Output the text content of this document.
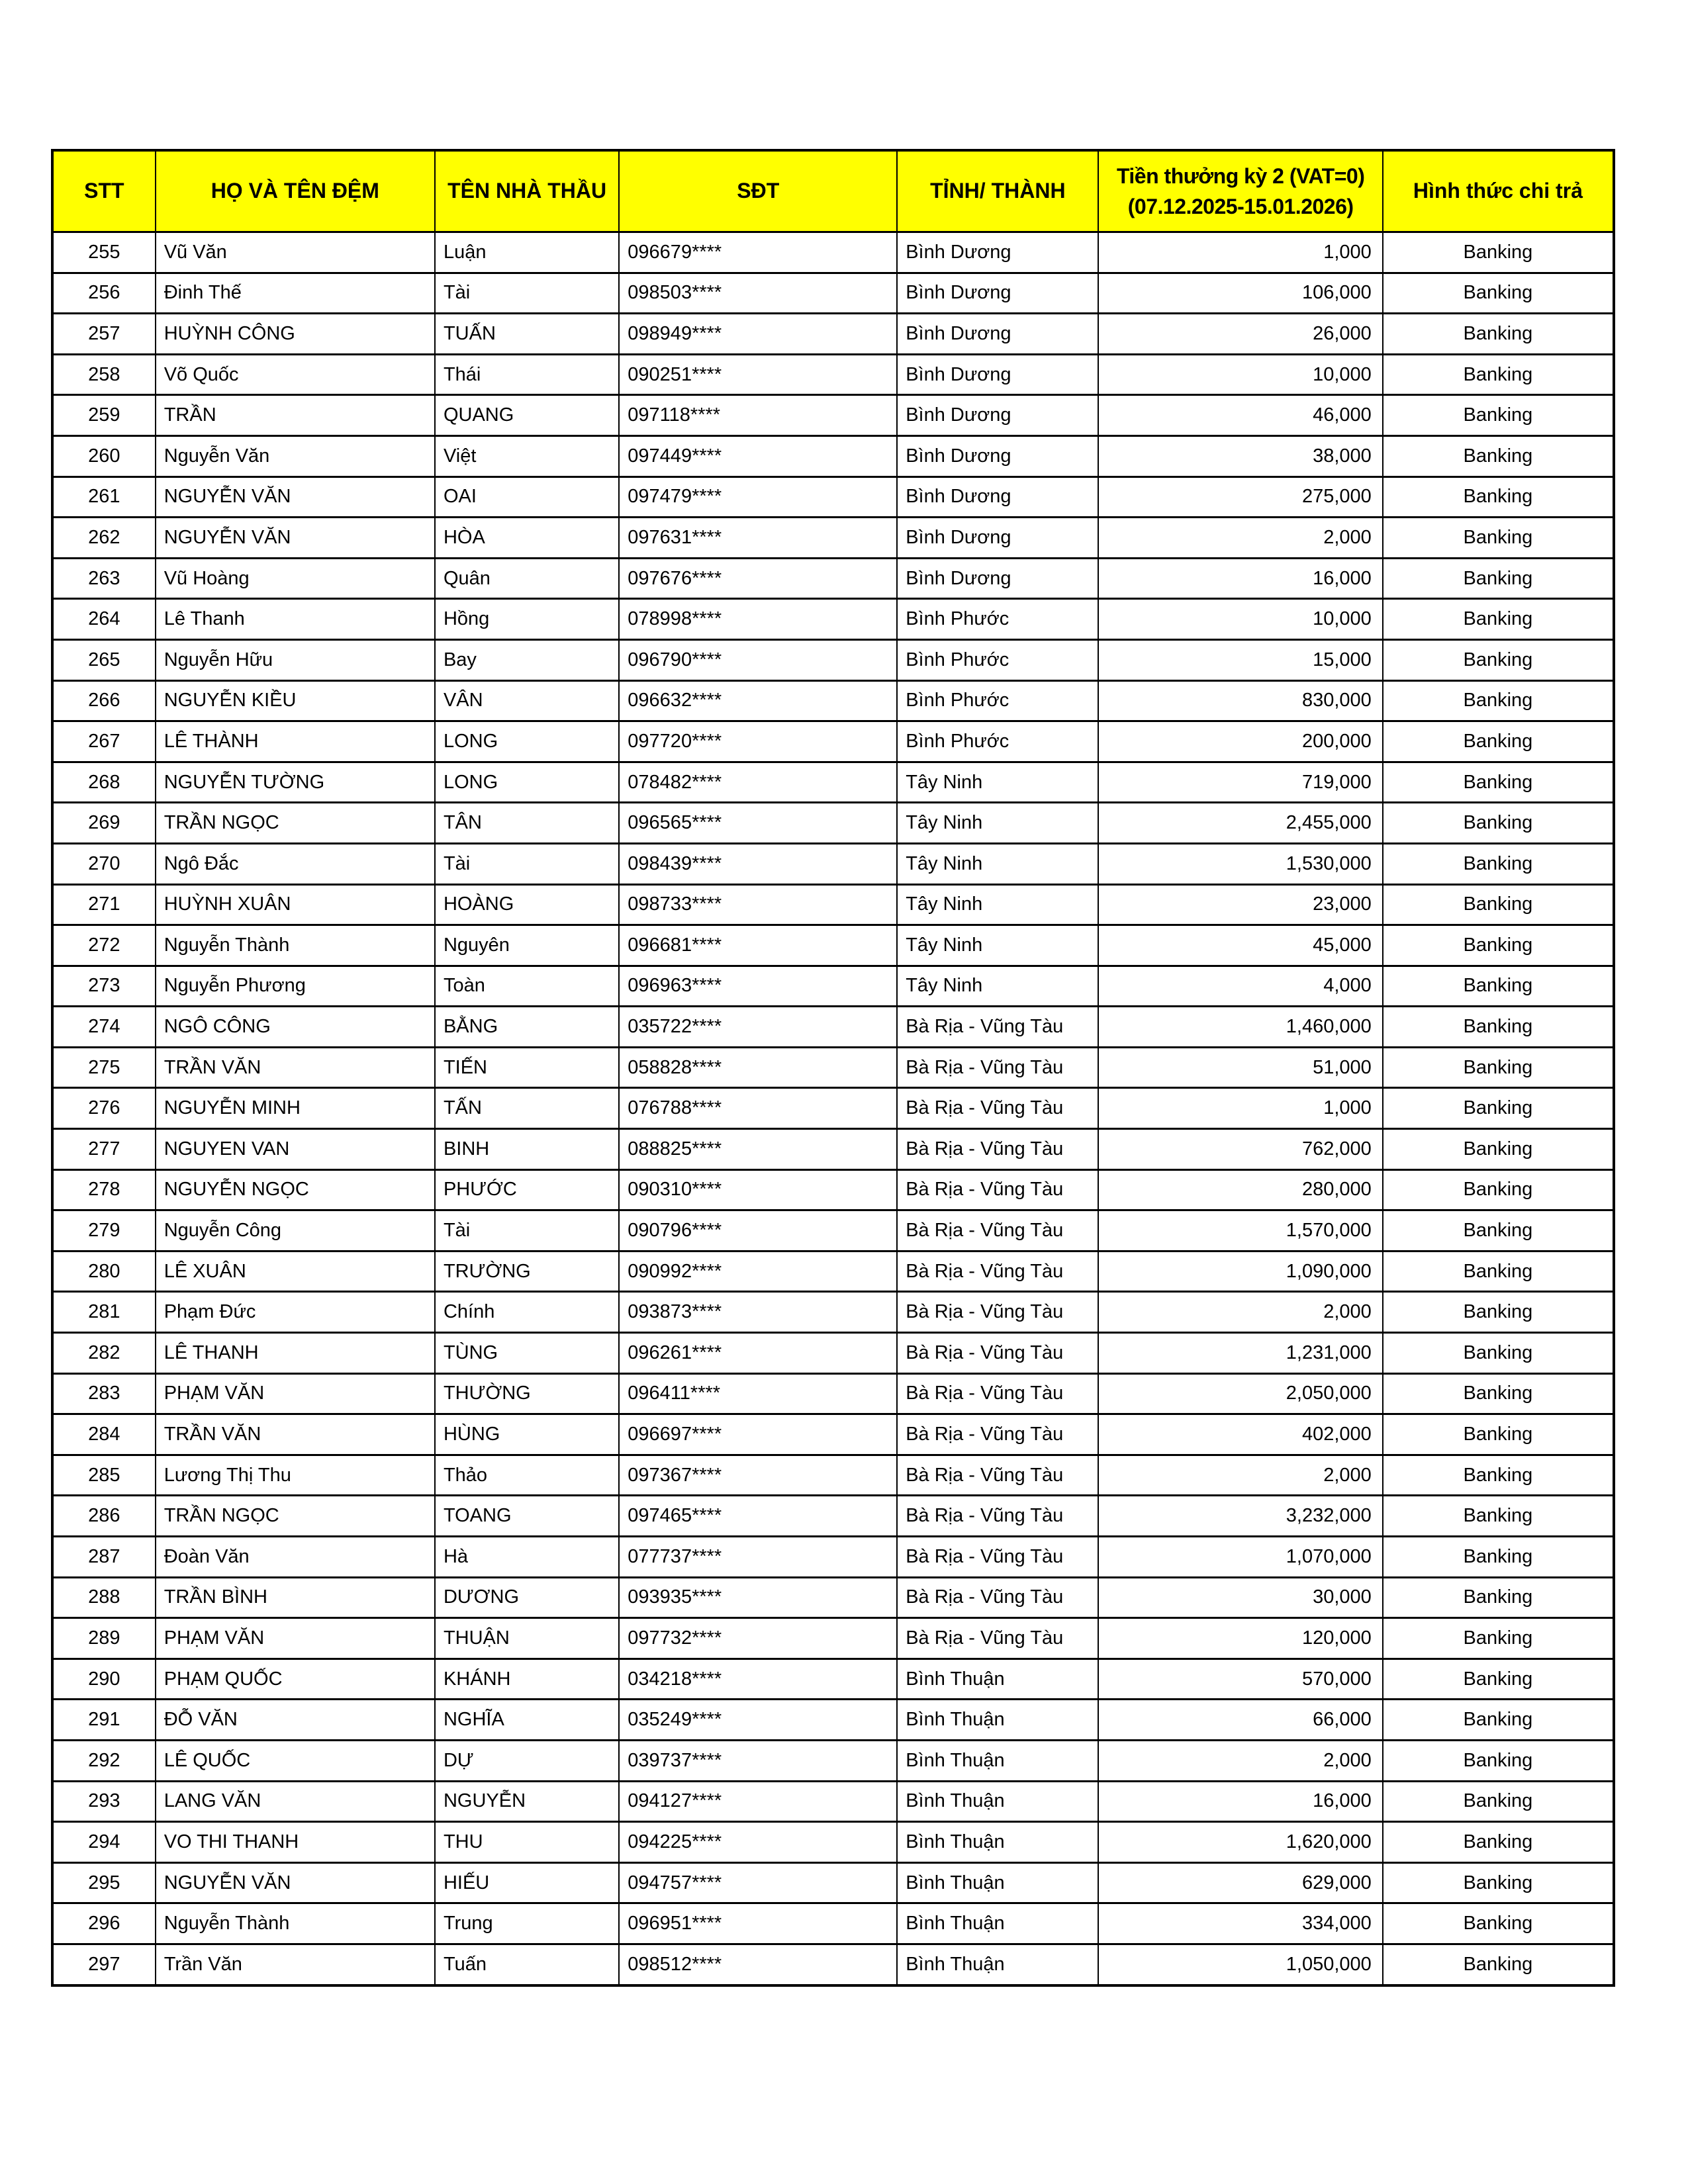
STT	HỌ VÀ TÊN ĐỆM	TÊN NHÀ THẦU	SĐT	TỈNH/ THÀNH	Tiền thưởng kỳ 2 (VAT=0)
(07.12.2025-15.01.2026)	Hình thức chi trả
255	Vũ Văn	Luận	096679****	Bình Dương	1,000	Banking
256	Đinh Thế	Tài	098503****	Bình Dương	106,000	Banking
257	HUỲNH CÔNG	TUẤN	098949****	Bình Dương	26,000	Banking
258	Võ Quốc	Thái	090251****	Bình Dương	10,000	Banking
259	TRẦN	QUANG	097118****	Bình Dương	46,000	Banking
260	Nguyễn Văn	Việt	097449****	Bình Dương	38,000	Banking
261	NGUYỄN VĂN	OAI	097479****	Bình Dương	275,000	Banking
262	NGUYỄN VĂN	HÒA	097631****	Bình Dương	2,000	Banking
263	Vũ Hoàng	Quân	097676****	Bình Dương	16,000	Banking
264	Lê Thanh	Hồng	078998****	Bình Phước	10,000	Banking
265	Nguyễn Hữu	Bay	096790****	Bình Phước	15,000	Banking
266	NGUYỄN KIỀU	VÂN	096632****	Bình Phước	830,000	Banking
267	LÊ THÀNH	LONG	097720****	Bình Phước	200,000	Banking
268	NGUYỄN TƯỜNG	LONG	078482****	Tây Ninh	719,000	Banking
269	TRẦN NGỌC	TÂN	096565****	Tây Ninh	2,455,000	Banking
270	Ngô Đắc	Tài	098439****	Tây Ninh	1,530,000	Banking
271	HUỲNH XUÂN	HOÀNG	098733****	Tây Ninh	23,000	Banking
272	Nguyễn Thành	Nguyên	096681****	Tây Ninh	45,000	Banking
273	Nguyễn Phương	Toàn	096963****	Tây Ninh	4,000	Banking
274	NGÔ CÔNG	BẰNG	035722****	Bà Rịa - Vũng Tàu	1,460,000	Banking
275	TRẦN VĂN	TIẾN	058828****	Bà Rịa - Vũng Tàu	51,000	Banking
276	NGUYỄN MINH	TẤN	076788****	Bà Rịa - Vũng Tàu	1,000	Banking
277	NGUYEN VAN	BINH	088825****	Bà Rịa - Vũng Tàu	762,000	Banking
278	NGUYỄN NGỌC	PHƯỚC	090310****	Bà Rịa - Vũng Tàu	280,000	Banking
279	Nguyễn Công	Tài	090796****	Bà Rịa - Vũng Tàu	1,570,000	Banking
280	LÊ XUÂN	TRƯỜNG	090992****	Bà Rịa - Vũng Tàu	1,090,000	Banking
281	Phạm Đức	Chính	093873****	Bà Rịa - Vũng Tàu	2,000	Banking
282	LÊ THANH	TÙNG	096261****	Bà Rịa - Vũng Tàu	1,231,000	Banking
283	PHẠM VĂN	THƯỜNG	096411****	Bà Rịa - Vũng Tàu	2,050,000	Banking
284	TRẦN VĂN	HÙNG	096697****	Bà Rịa - Vũng Tàu	402,000	Banking
285	Lương Thị Thu	Thảo	097367****	Bà Rịa - Vũng Tàu	2,000	Banking
286	TRẦN NGỌC	TOANG	097465****	Bà Rịa - Vũng Tàu	3,232,000	Banking
287	Đoàn Văn	Hà	077737****	Bà Rịa - Vũng Tàu	1,070,000	Banking
288	TRẦN BÌNH	DƯƠNG	093935****	Bà Rịa - Vũng Tàu	30,000	Banking
289	PHẠM VĂN	THUẬN	097732****	Bà Rịa - Vũng Tàu	120,000	Banking
290	PHẠM QUỐC	KHÁNH	034218****	Bình Thuận	570,000	Banking
291	ĐỖ VĂN	NGHĨA	035249****	Bình Thuận	66,000	Banking
292	LÊ QUỐC	DỰ	039737****	Bình Thuận	2,000	Banking
293	LANG VĂN	NGUYỄN	094127****	Bình Thuận	16,000	Banking
294	VO THI THANH	THU	094225****	Bình Thuận	1,620,000	Banking
295	NGUYỄN VĂN	HIẾU	094757****	Bình Thuận	629,000	Banking
296	Nguyễn Thành	Trung	096951****	Bình Thuận	334,000	Banking
297	Trần Văn	Tuấn	098512****	Bình Thuận	1,050,000	Banking
